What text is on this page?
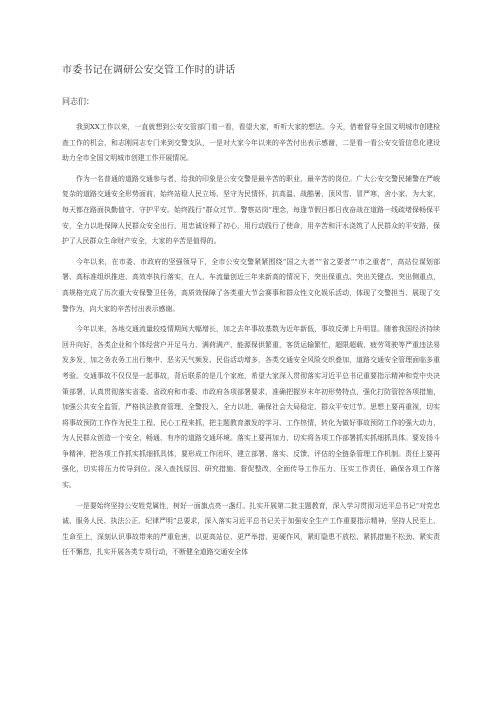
市委书记在调研公安交管工作时的讲话
同志们：

我到XX工作以来，一直就想到公安交管部门看一看，看望大家，听听大家的想法。今天，借着督导全国文明城市创建检查工作的机会，和志刚同志专门来到交警支队，一是对大家今年以来的辛苦付出表示感谢，二是看一看公安交管信息化建设助力全市全国文明城市创建工作开展情况。

作为一名普通的道路交通参与者，给我的印象是公安交警是最辛苦的职业、最辛苦的岗位。广大公安交警民辅警在严峻复杂的道路交通安全形势面前，始终站稳人民立场、坚守为民情怀，抗高温、战酷暑，顶风雪、冒严寒，舍小家、为大家，每天都在路面执勤值守、守护平安。始终践行“群众过节、警察站岗”理念，每逢节假日都日夜奋战在道路一线疏堵保畅保平安，全力以赴保障人民群众安全出行，用忠诚诠释了初心，用行动践行了使命，用辛苦和汗水浇筑了人民群众的平安路，保护了人民群众生命财产安全，大家的辛苦是值得的。

今年以来，在市委、市政府的坚强领导下，全市公安交警紧紧围绕“国之大者”“省之要者”“市之重者”，高站位谋划部署、高标准组织推进、高效率执行落实，在人、车流量创近三年来新高的情况下，突出保重点、突出关键点、突出侧重点，高规格完成了历次重大安保警卫任务，高质效保障了各类重大节会赛事和群众性文化娱乐活动，体现了交警担当、展现了交警作为，向大家的辛苦付出表示感谢。

今年以来，各地交通流量较疫情期间大幅增长，加之去年事故基数为近年新低，事故反弹上升明显。随着我国经济持续回升向好，各类企业和个体经营户开足马力、满荷满产，能源保供繁重，客货运输繁忙，超限超载、疲劳驾驶等严重违法易发多发，加之务农务工出行集中、恶劣天气频发、民俗活动增多，各类交通安全风险交织叠加，道路交通安全管理面临多重考验。交通事故不仅仅是一起事故，背后联系的是几个家庭，希望大家深入贯彻落实习近平总书记重要指示精神和党中央决策部署，认真贯彻落实省委、省政府和市委、市政府各项部署要求，准确把握岁末年初形势特点，强化打防管控各项措施，加强公共安全监管，严格执法教育管理，全警投入、全力以赴，确保社会大局稳定、群众平安过节。思想上要再重视，切实将事故预防工作作为民生工程、民心工程来抓，把主题教育激发的学习、工作热情，转化为做好事故预防工作的强大动力，为人民群众创造一个安全、畅通、有序的道路交通环境。落实上要再加力，切实将各项工作部署抓实抓细抓具体。要发扬斗争精神，把各项工作抓实抓细抓具体，要形成工作闭环，建立部署、落实、反馈、评估的全链条管理工作机制。责任上要再强化，切实将压力传导到位。深入查找原因、研究措施、督促整改，全面传导工作压力、压实工作责任，确保各项工作落实。

一是要始终坚持公安姓党属性，树好一面旗点亮一盏灯。扎实开展第二批主题教育，深入学习贯彻习近平总书记“对党忠诚、服务人民、执法公正、纪律严明”总要求，深入落实习近平总书记关于加强安全生产工作重要指示精神，坚持人民至上、生命至上，深刻认识事故带来的严重危害，以更高站位、更严举措、更硬作风，紧盯隐患不放松、紧抓措施不松劲、紧实责任不懈怠，扎实开展各类专项行动，不断健全道路交通安全体
